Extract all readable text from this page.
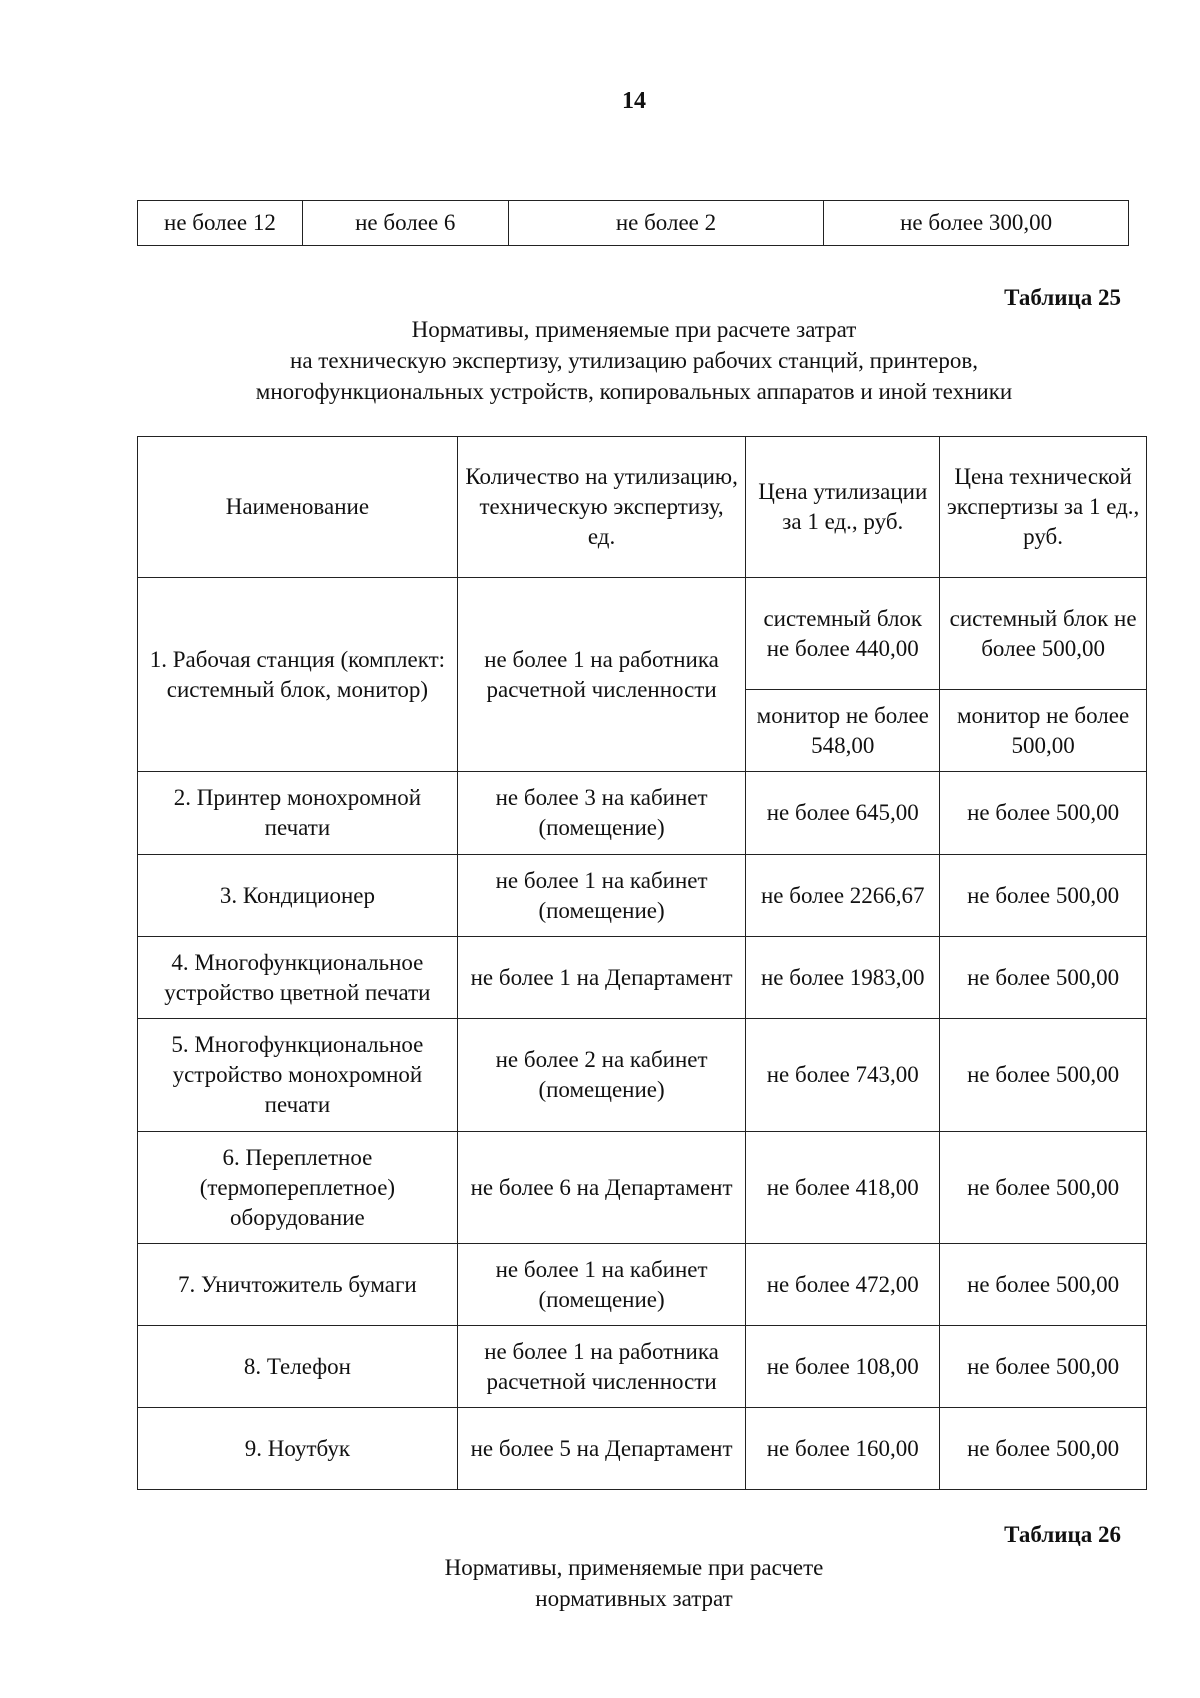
14
не более 12	не более 6	не более 2	не более 300,00
Таблица 25
Нормативы, применяемые при расчете затрат
на техническую экспертизу, утилизацию рабочих станций, принтеров,
многофункциональных устройств, копировальных аппаратов и иной техники
Наименование	Количество на утилизацию, техническую экспертизу, ед.	Цена утилизации за 1 ед., руб.	Цена технической экспертизы за 1 ед., руб.
1. Рабочая станция (комплект: системный блок, монитор)	не более 1 на работника расчетной численности	системный блок не более 440,00	системный блок не более 500,00
		монитор не более 548,00	монитор не более 500,00
2. Принтер монохромной печати	не более 3 на кабинет (помещение)	не более 645,00	не более 500,00
3. Кондиционер	не более 1 на кабинет (помещение)	не более 2266,67	не более 500,00
4. Многофункциональное устройство цветной печати	не более 1 на Департамент	не более 1983,00	не более 500,00
5. Многофункциональное устройство монохромной печати	не более 2 на кабинет (помещение)	не более 743,00	не более 500,00
6. Переплетное (термопереплетное) оборудование	не более 6 на Департамент	не более 418,00	не более 500,00
7. Уничтожитель бумаги	не более 1 на кабинет (помещение)	не более 472,00	не более 500,00
8. Телефон	не более 1 на работника расчетной численности	не более 108,00	не более 500,00
9. Ноутбук	не более 5 на Департамент	не более 160,00	не более 500,00
Таблица 26
Нормативы, применяемые при расчете
нормативных затрат
